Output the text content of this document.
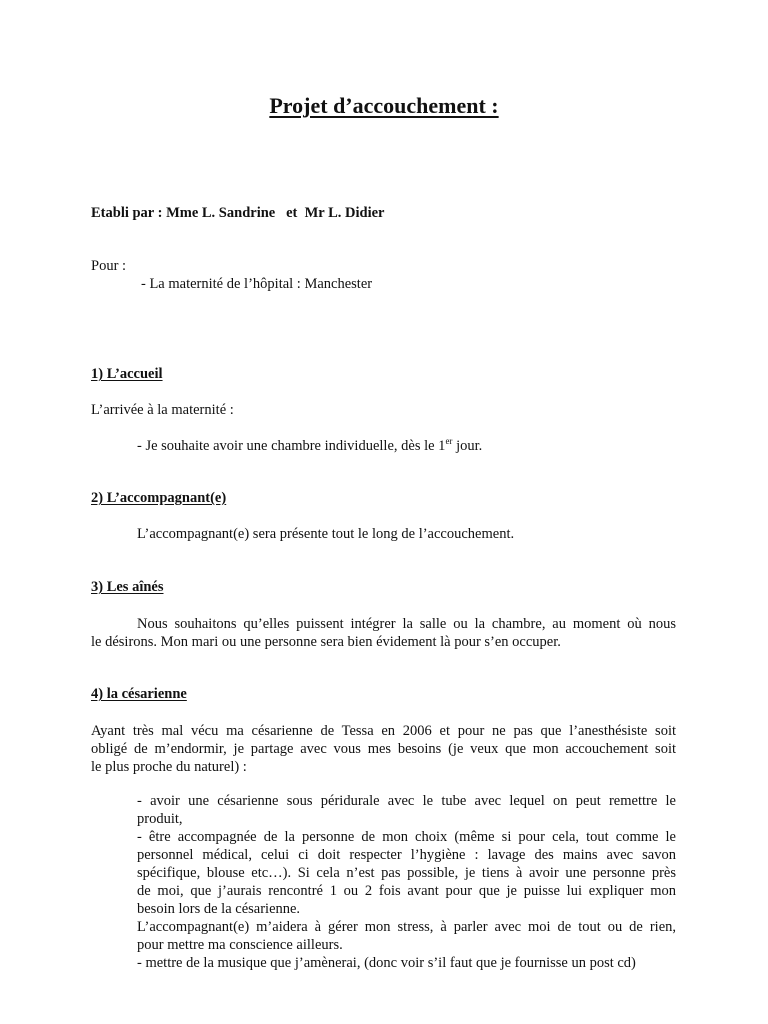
Projet d’accouchement :

Etabli par : Mme L. Sandrine   et  Mr L. Didier

Pour :

- La maternité de l’hôpital : Manchester

1) L’accueil

L’arrivée à la maternité :

- Je souhaite avoir une chambre individuelle, dès le 1er jour.

2) L’accompagnant(e)

L’accompagnant(e) sera présente tout le long de l’accouchement.

3) Les aînés

Nous souhaitons qu’elles puissent intégrer la salle ou la chambre, au moment où nous
le désirons. Mon mari ou une personne sera bien évidement là pour s’en occuper.

4) la césarienne

Ayant très mal vécu ma césarienne de Tessa en 2006 et pour ne pas que l’anesthésiste soit
obligé de m’endormir, je partage avec vous mes besoins (je veux que mon accouchement soit
le plus proche du naturel) :
- avoir une césarienne sous péridurale avec le tube avec lequel on peut remettre le
produit,
- être accompagnée de la personne de mon choix (même si pour cela, tout comme le
personnel médical, celui ci doit respecter l’hygiène : lavage des mains avec savon
spécifique, blouse etc…). Si cela n’est pas possible, je tiens à avoir une personne près
de moi, que j’aurais rencontré 1 ou 2 fois avant pour que je puisse lui expliquer mon
besoin lors de la césarienne.
L’accompagnant(e) m’aidera à gérer mon stress, à parler avec moi de tout ou de rien,
pour mettre ma conscience ailleurs.
- mettre de la musique que j’amènerai, (donc voir s’il faut que je fournisse un post cd)
